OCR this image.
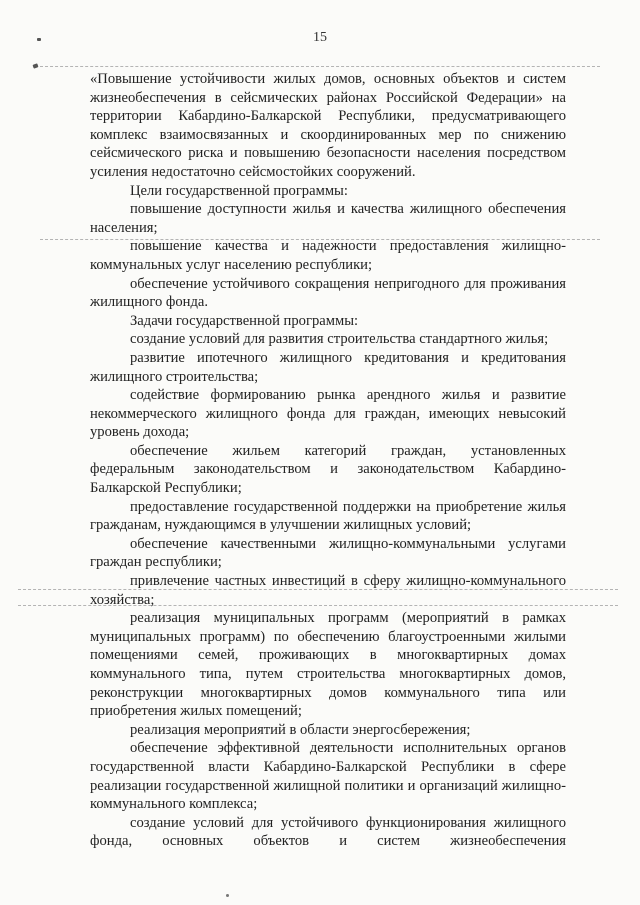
15

«Повышение устойчивости жилых домов, основных объектов и систем жизнеобеспечения в сейсмических районах Российской Федерации» на территории Кабардино-Балкарской Республики, предусматривающего комплекс взаимосвязанных и скоординированных мер по снижению сейсмического риска и повышению безопасности населения посредством усиления недостаточно сейсмостойких сооружений.

Цели государственной программы:

повышение доступности жилья и качества жилищного обеспечения населения;

повышение качества и надежности предоставления жилищно-коммунальных услуг населению республики;

обеспечение устойчивого сокращения непригодного для проживания жилищного фонда.

Задачи государственной программы:

создание условий для развития строительства стандартного жилья;

развитие ипотечного жилищного кредитования и кредитования жилищного строительства;

содействие формированию рынка арендного жилья и развитие некоммерческого жилищного фонда для граждан, имеющих невысокий уровень дохода;

обеспечение жильем категорий граждан, установленных федеральным законодательством и законодательством Кабардино-Балкарской Республики;

предоставление государственной поддержки на приобретение жилья гражданам, нуждающимся в улучшении жилищных условий;

обеспечение качественными жилищно-коммунальными услугами граждан республики;

привлечение частных инвестиций в сферу жилищно-коммунального хозяйства;

реализация муниципальных программ (мероприятий в рамках муниципальных программ) по обеспечению благоустроенными жилыми помещениями семей, проживающих в многоквартирных домах коммунального типа, путем строительства многоквартирных домов, реконструкции многоквартирных домов коммунального типа или приобретения жилых помещений;

реализация мероприятий в области энергосбережения;

обеспечение эффективной деятельности исполнительных органов государственной власти Кабардино-Балкарской Республики в сфере реализации государственной жилищной политики и организаций жилищно-коммунального комплекса;

создание условий для устойчивого функционирования жилищного фонда, основных объектов и систем жизнеобеспечения
